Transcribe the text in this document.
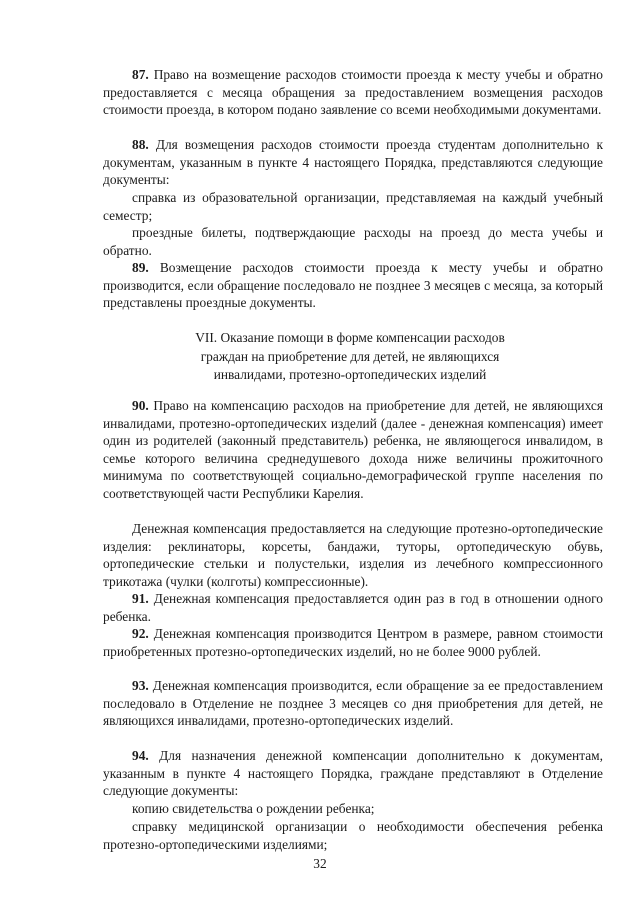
87. Право на возмещение расходов стоимости проезда к месту учебы и обратно предоставляется с месяца обращения за предоставлением возмещения расходов стоимости проезда, в котором подано заявление со всеми необходимыми документами.

88. Для возмещения расходов стоимости проезда студентам дополнительно к документам, указанным в пункте 4 настоящего Порядка, представляются следующие документы:

справка из образовательной организации, представляемая на каждый учебный семестр;

проездные билеты, подтверждающие расходы на проезд до места учебы и обратно.

89. Возмещение расходов стоимости проезда к месту учебы и обратно производится, если обращение последовало не позднее 3 месяцев с месяца, за который представлены проездные документы.

VII. Оказание помощи в форме компенсации расходов
граждан на приобретение для детей, не являющихся
инвалидами, протезно-ортопедических изделий

90. Право на компенсацию расходов на приобретение для детей, не являющихся инвалидами, протезно-ортопедических изделий (далее - денежная компенсация) имеет один из родителей (законный представитель) ребенка, не являющегося инвалидом, в семье которого величина среднедушевого дохода ниже величины прожиточного минимума по соответствующей социально-демографической группе населения по соответствующей части Республики Карелия.

Денежная компенсация предоставляется на следующие протезно-ортопедические изделия: реклинаторы, корсеты, бандажи, туторы, ортопедическую обувь, ортопедические стельки и полустельки, изделия из лечебного компрессионного трикотажа (чулки (колготы) компрессионные).

91. Денежная компенсация предоставляется один раз в год в отношении одного ребенка.

92. Денежная компенсация производится Центром в размере, равном стоимости приобретенных протезно-ортопедических изделий, но не более 9000 рублей.

93. Денежная компенсация производится, если обращение за ее предоставлением последовало в Отделение не позднее 3 месяцев со дня приобретения для детей, не являющихся инвалидами, протезно-ортопедических изделий.

94. Для назначения денежной компенсации дополнительно к документам, указанным в пункте 4 настоящего Порядка, граждане представляют в Отделение следующие документы:

копию свидетельства о рождении ребенка;

справку медицинской организации о необходимости обеспечения ребенка протезно-ортопедическими изделиями;

32
